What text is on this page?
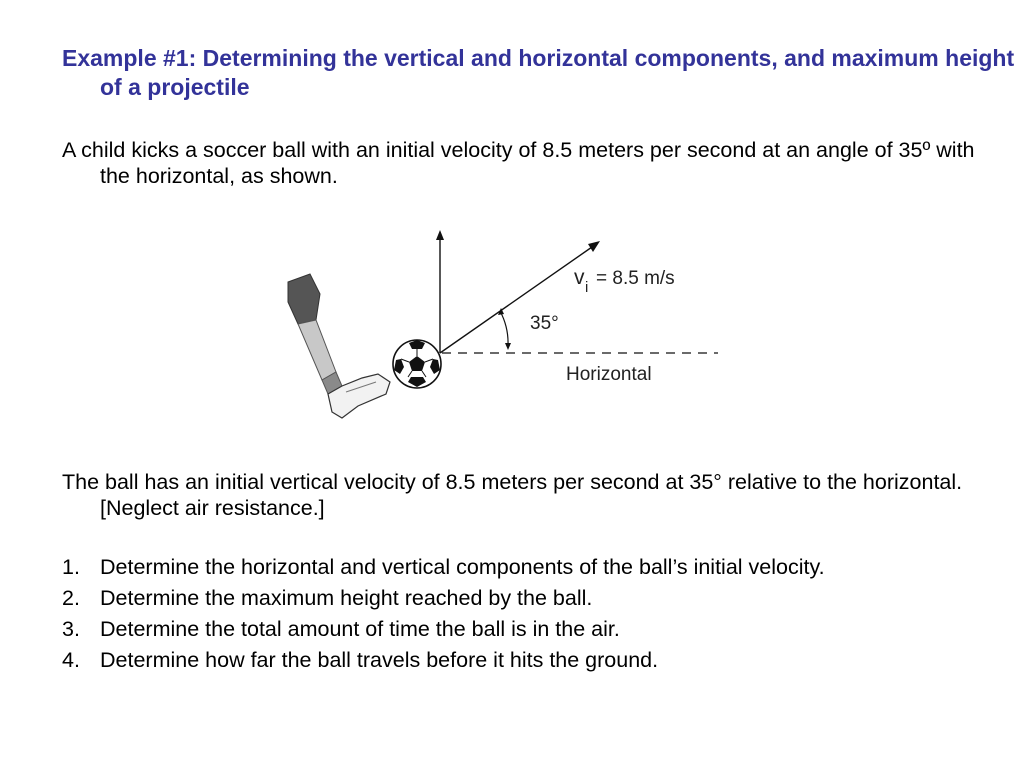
Example #1: Determining the vertical and horizontal components, and maximum height of a projectile

A child kicks a soccer ball with an initial velocity of 8.5 meters per second at an angle of 35º with the horizontal, as shown.

v i = 8.5 m/s
35°
Horizontal

The ball has an initial vertical velocity of 8.5 meters per second at 35° relative to the horizontal. [Neglect air resistance.]

1. Determine the horizontal and vertical components of the ball’s initial velocity.
2. Determine the maximum height reached by the ball.
3. Determine the total amount of time the ball is in the air.
4. Determine how far the ball travels before it hits the ground.
